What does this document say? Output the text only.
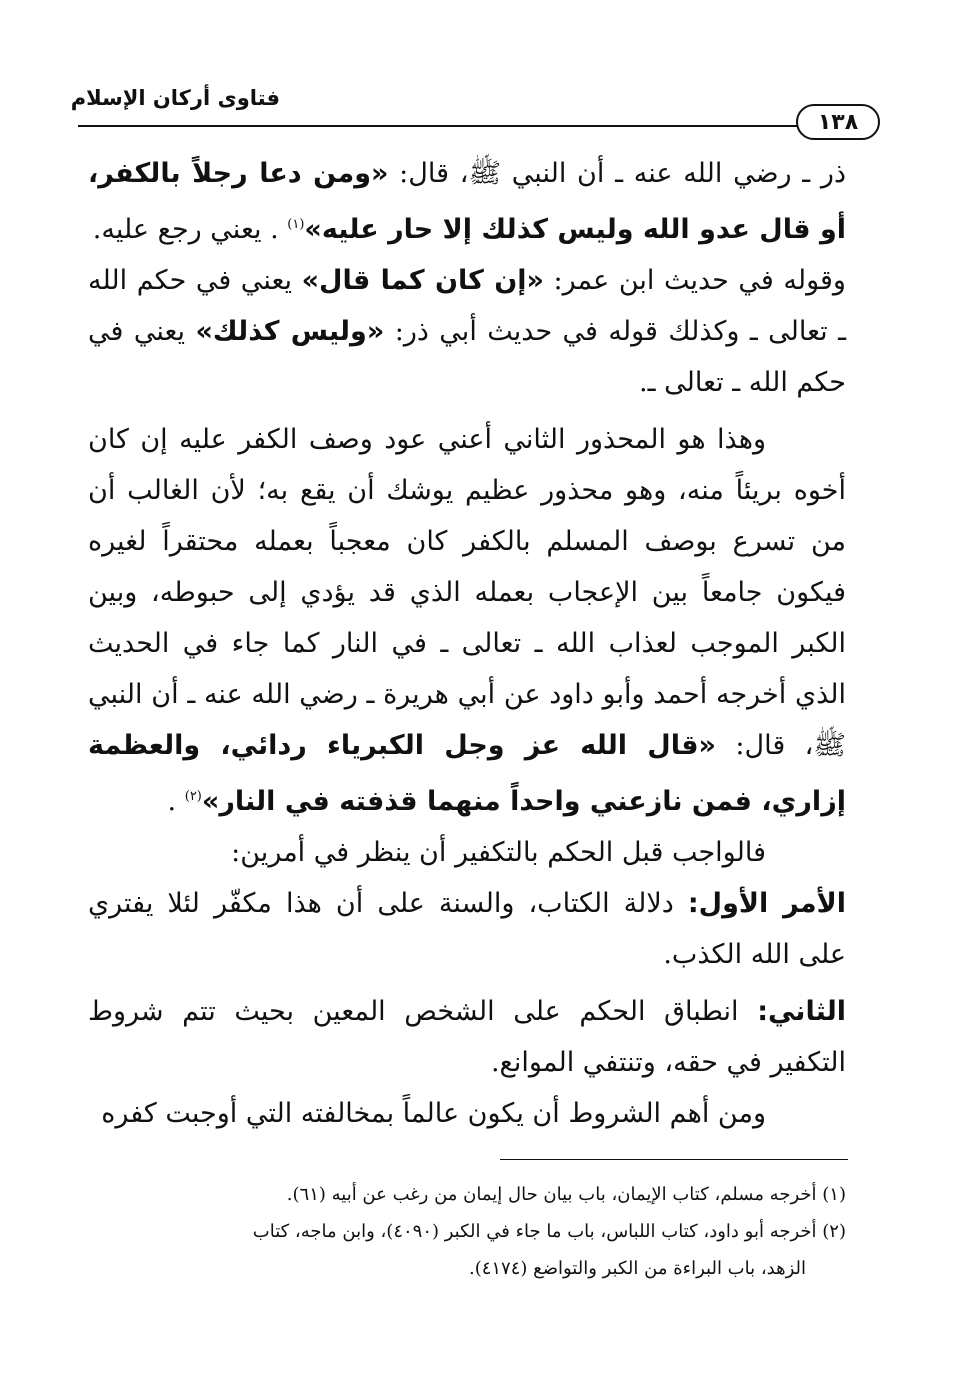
فتاوى أركان الإسلام
١٣٨

ذر ـ رضي الله عنه ـ أن النبي ﷺ، قال: «ومن دعا رجلاً بالكفر، أو قال عدو الله وليس كذلك إلا حار عليه»$^{(١)}$ . يعني رجع عليه.

وقوله في حديث ابن عمر: «إن كان كما قال» يعني في حكم الله ـ تعالى ـ وكذلك قوله في حديث أبي ذر: «وليس كذلك» يعني في حكم الله ـ تعالى ـ.

وهذا هو المحذور الثاني أعني عود وصف الكفر عليه إن كان أخوه بريئاً منه، وهو محذور عظيم يوشك أن يقع به؛ لأن الغالب أن من تسرع بوصف المسلم بالكفر كان معجباً بعمله محتقراً لغيره فيكون جامعاً بين الإعجاب بعمله الذي قد يؤدي إلى حبوطه، وبين الكبر الموجب لعذاب الله ـ تعالى ـ في النار كما جاء في الحديث الذي أخرجه أحمد وأبو داود عن أبي هريرة ـ رضي الله عنه ـ أن النبي ﷺ، قال: «قال الله عز وجل الكبرياء ردائي، والعظمة إزاري، فمن نازعني واحداً منهما قذفته في النار»$^{(٢)}$ .

فالواجب قبل الحكم بالتكفير أن ينظر في أمرين:

الأمر الأول: دلالة الكتاب، والسنة على أن هذا مكفّر لئلا يفتري على الله الكذب.

الثاني: انطباق الحكم على الشخص المعين بحيث تتم شروط التكفير في حقه، وتنتفي الموانع.

ومن أهم الشروط أن يكون عالماً بمخالفته التي أوجبت كفره

(١) أخرجه مسلم، كتاب الإيمان، باب بيان حال إيمان من رغب عن أبيه (٦١).

(٢) أخرجه أبو داود، كتاب اللباس، باب ما جاء في الكبر (٤٠٩٠)، وابن ماجه، كتاب

الزهد، باب البراءة من الكبر والتواضع (٤١٧٤).
